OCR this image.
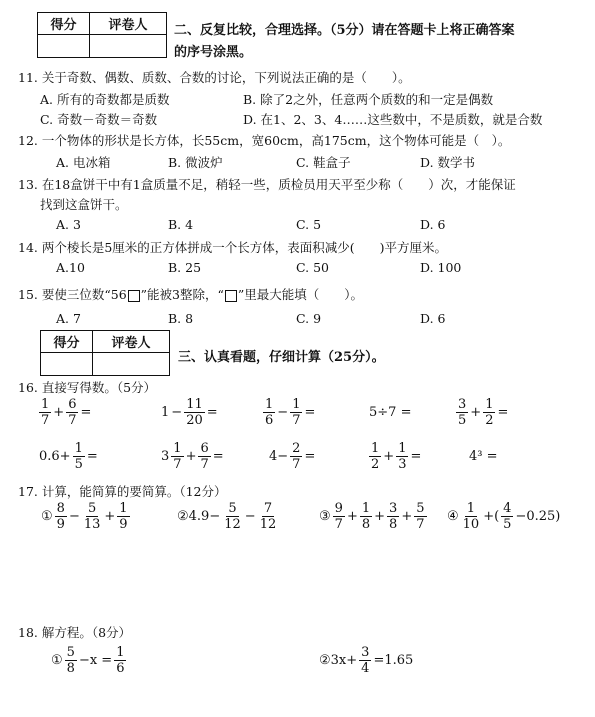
得分	评卷人
	二、反复比较，合理选择。（5分）请在答题卡上将正确答案
的序号涂黑。
11. 关于奇数、偶数、质数、合数的讨论，下列说法正确的是（　　）。
A. 所有的奇数都是质数	B. 除了2之外，任意两个质数的和一定是偶数
C. 奇数－奇数＝奇数	D. 在1、2、3、4……这些数中，不是质数，就是合数
12. 一个物体的形状是长方体，长55cm，宽60cm，高175cm，这个物体可能是（　）。
A. 电冰箱	B. 微波炉	C. 鞋盒子	D. 数学书
13. 在18盒饼干中有1盒质量不足，稍轻一些，质检员用天平至少称（　　）次，才能保证
找到这盒饼干。
A. 3	B. 4	C. 5	D. 6
14. 两个棱长是5厘米的正方体拼成一个长方体，表面积减少(　　)平方厘米。
A.10	B. 25	C. 50	D. 100
15. 要使三位数“56 ”能被3整除，“ ”里最大能填（　　）。
A. 7	B. 8	C. 9	D. 6
得分	评卷人

三、认真看题，仔细计算（25分）。
16. 直接写得数。（5分）
$\frac{1}{7} + \frac{6}{7}$ =	$1 - \frac{11}{20}$ =	$\frac{1}{6} - \frac{1}{7}$ =	5÷7 =	$\frac{3}{5} + \frac{1}{2}$ =
$0.6+ \frac{1}{5}$ =	$3 \frac{1}{7} + \frac{6}{7}$ =	$4- \frac{2}{7}$ =	$\frac{1}{2} + \frac{1}{3}$ =	4³ =
17. 计算，能简算的要简算。（12分）
① $\frac{8}{9} - \frac{5}{13} + \frac{1}{9}$	②4.9− $\frac{5}{12} - \frac{7}{12}$	③ $\frac{9}{7} + \frac{1}{8} + \frac{3}{8} + \frac{5}{7}$ ④ $\frac{1}{10}$ +( $\frac{4}{5} -0.25$)
18. 解方程。（8分）
① $\frac{5}{8} -x = \frac{1}{6}$	②3x+ $\frac{3}{4} =1.65$
